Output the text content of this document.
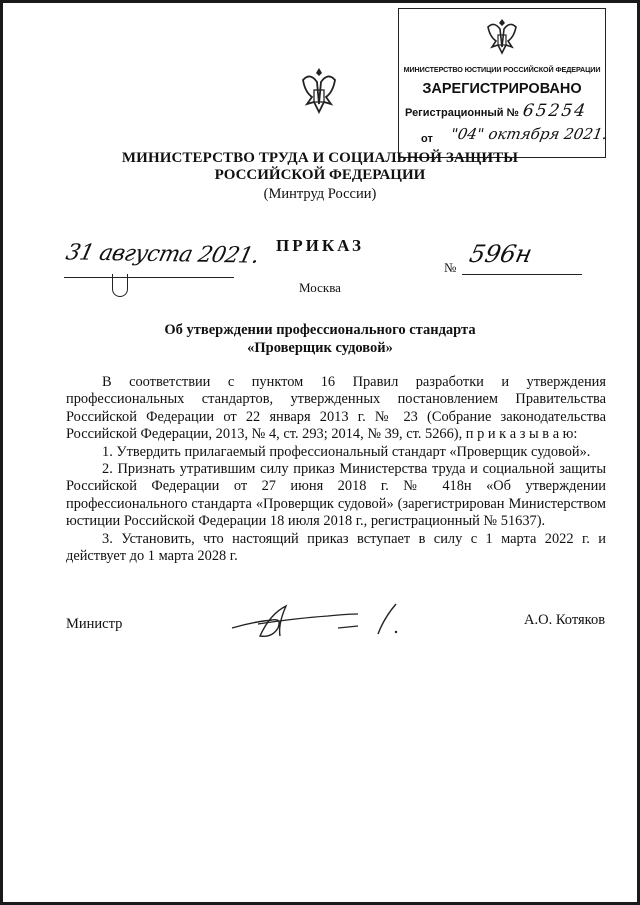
МИНИСТЕРСТВО ЮСТИЦИИ РОССИЙСКОЙ ФЕДЕРАЦИИ
ЗАРЕГИСТРИРОВАНО
Регистрационный № 65254
от "04" октября 2021.
МИНИСТЕРСТВО ТРУДА И СОЦИАЛЬНОЙ ЗАЩИТЫ
РОССИЙСКОЙ ФЕДЕРАЦИИ
(Минтруд России)
ПРИКАЗ
31 августа 2021.	№ 596н
Москва
Об утверждении профессионального стандарта
«Проверщик судовой»

В соответствии с пунктом 16 Правил разработки и утверждения профессиональных стандартов, утвержденных постановлением Правительства Российской Федерации от 22 января 2013 г. № 23 (Собрание законодательства Российской Федерации, 2013, № 4, ст. 293; 2014, № 39, ст. 5266), п р и к а з ы в а ю:

1. Утвердить прилагаемый профессиональный стандарт «Проверщик судовой».

2. Признать утратившим силу приказ Министерства труда и социальной защиты Российской Федерации от 27 июня 2018 г. № 418н «Об утверждении профессионального стандарта «Проверщик судовой» (зарегистрирован Министерством юстиции Российской Федерации 18 июля 2018 г., регистрационный № 51637).

3. Установить, что настоящий приказ вступает в силу с 1 марта 2022 г. и действует до 1 марта 2028 г.

Министр	А.О. Котяков
